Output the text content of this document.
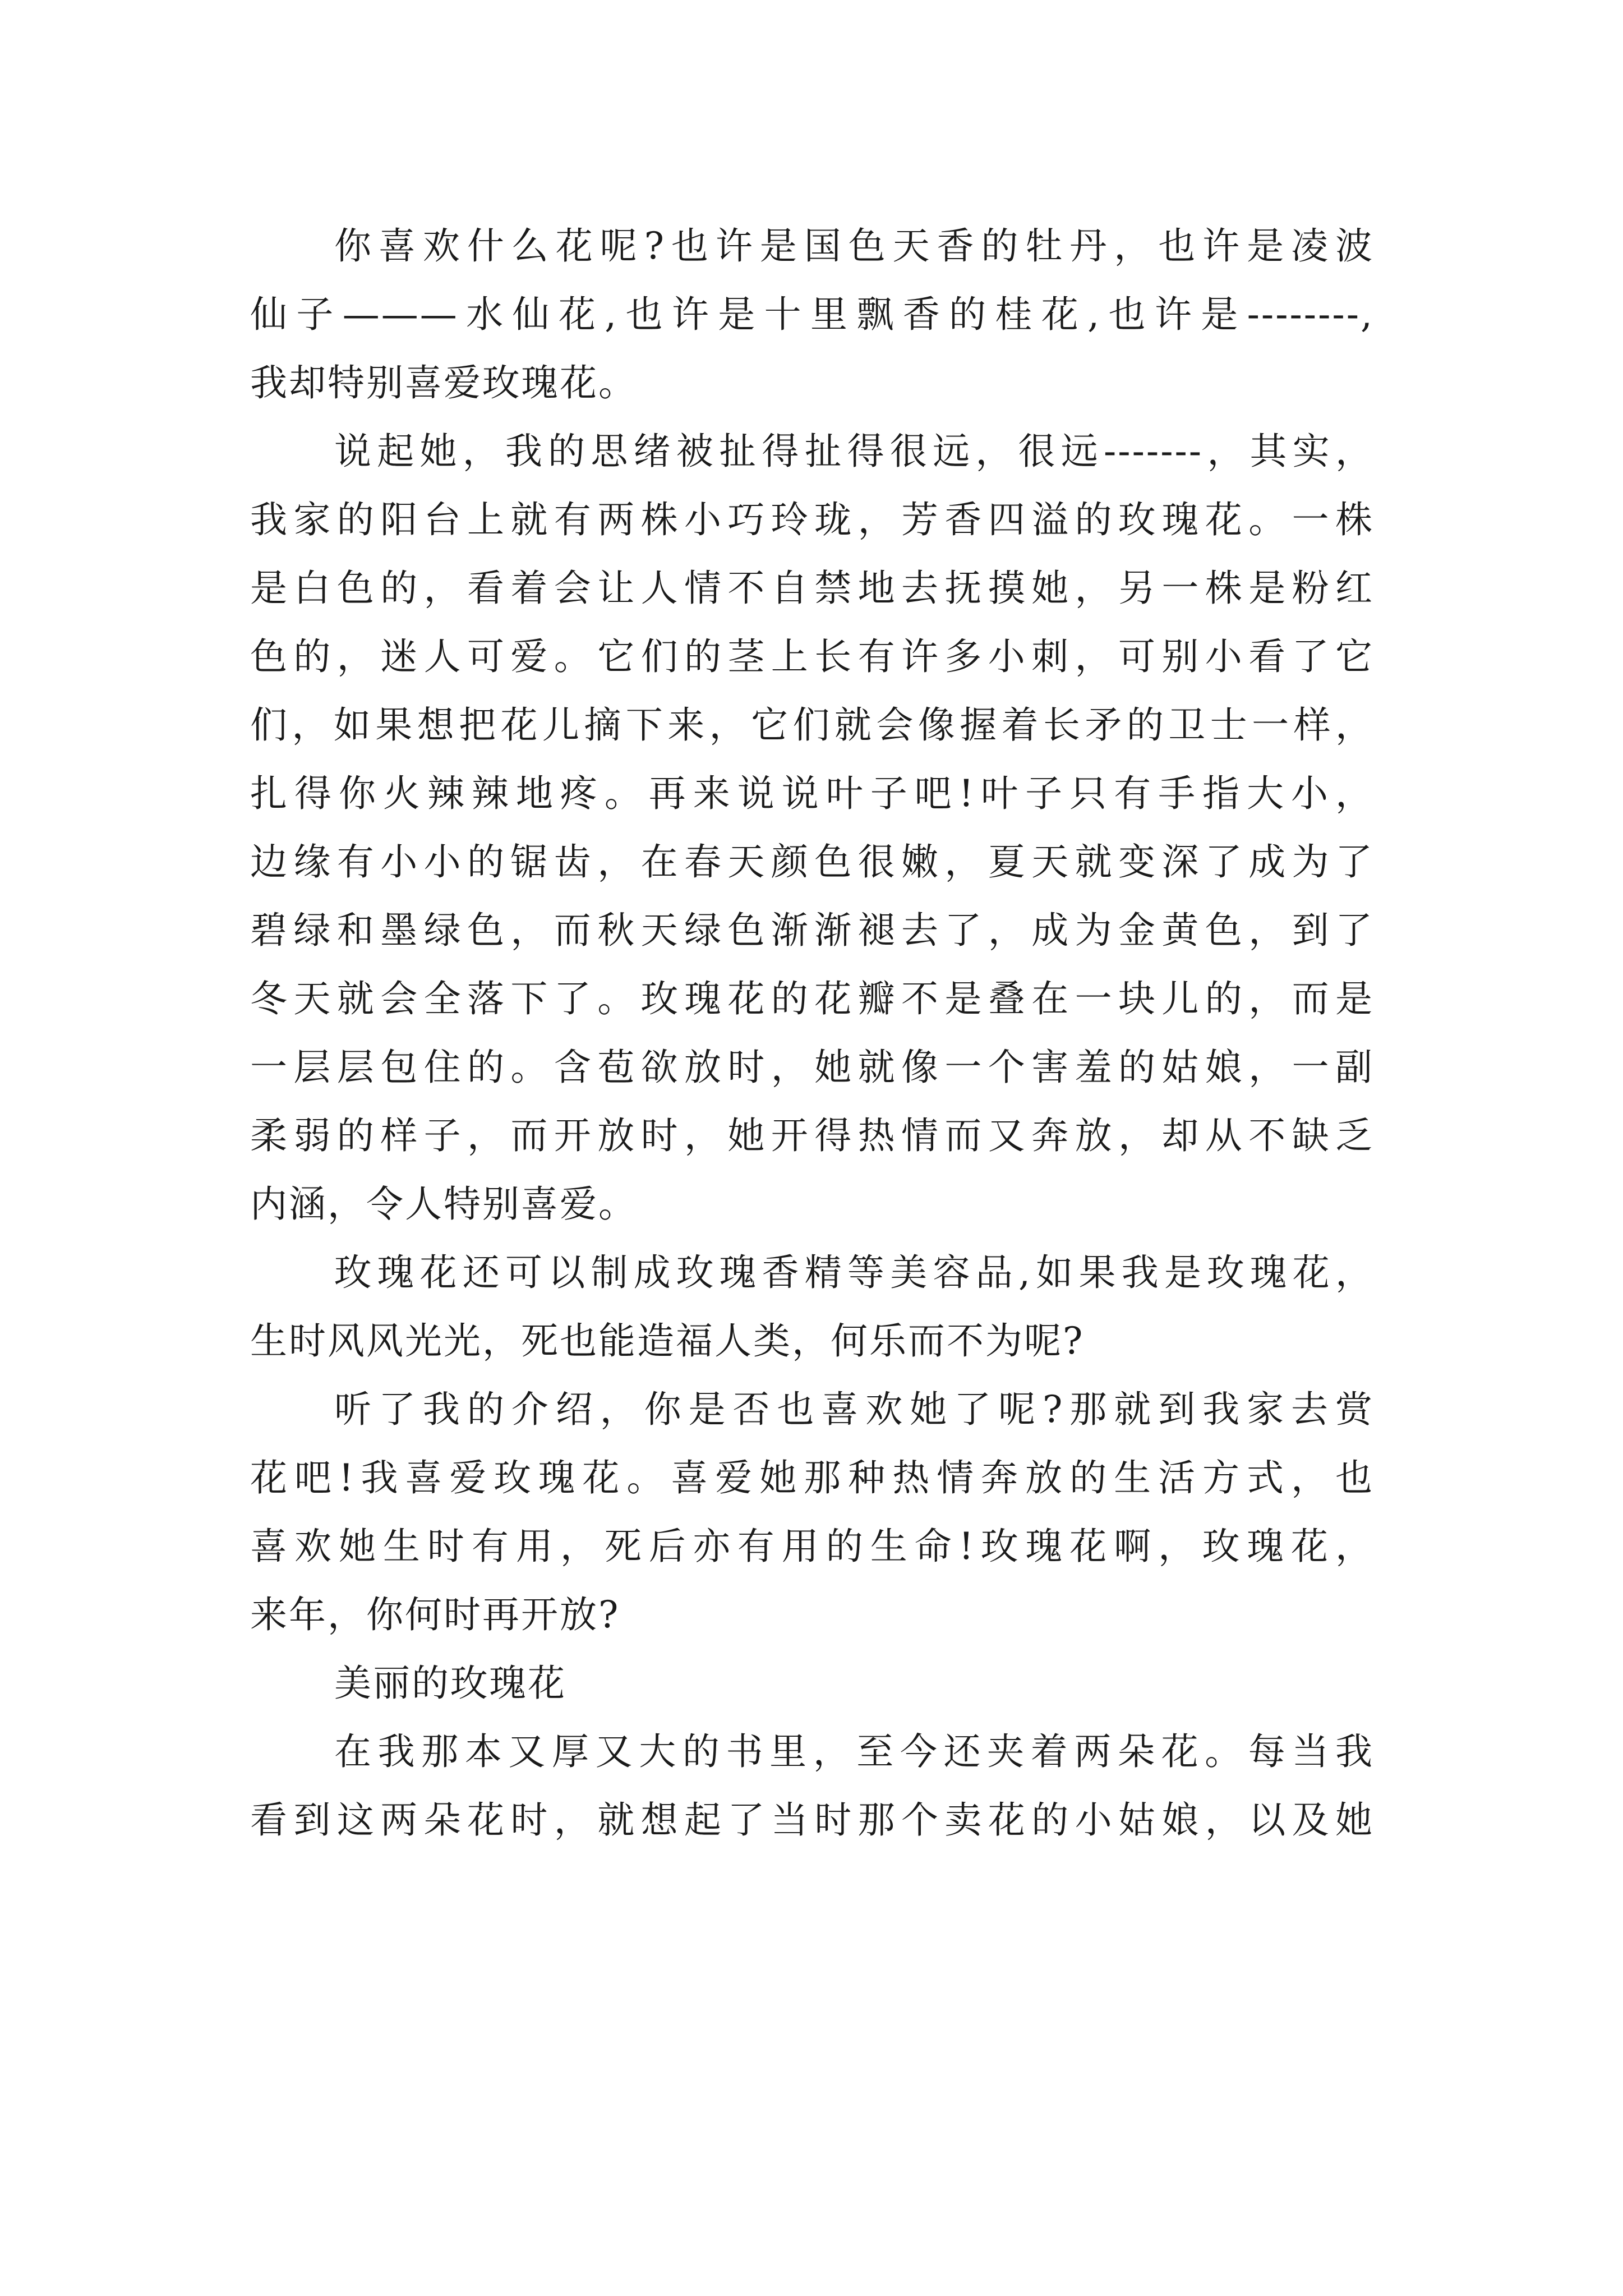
你喜欢什么花呢?也许是国色天香的牡丹，也许是凌波
仙子———水仙花,也许是十里飘香的桂花,也许是--------,
我却特别喜爱玫瑰花。
说起她，我的思绪被扯得扯得很远，很远-------，其实，
我家的阳台上就有两株小巧玲珑，芳香四溢的玫瑰花。一株
是白色的，看着会让人情不自禁地去抚摸她，另一株是粉红
色的，迷人可爱。它们的茎上长有许多小刺，可别小看了它
们，如果想把花儿摘下来，它们就会像握着长矛的卫士一样，
扎得你火辣辣地疼。再来说说叶子吧!叶子只有手指大小，
边缘有小小的锯齿，在春天颜色很嫩，夏天就变深了成为了
碧绿和墨绿色，而秋天绿色渐渐褪去了，成为金黄色，到了
冬天就会全落下了。玫瑰花的花瓣不是叠在一块儿的，而是
一层层包住的。含苞欲放时，她就像一个害羞的姑娘，一副
柔弱的样子，而开放时，她开得热情而又奔放，却从不缺乏
内涵，令人特别喜爱。
玫瑰花还可以制成玫瑰香精等美容品,如果我是玫瑰花，
生时风风光光，死也能造福人类，何乐而不为呢?
听了我的介绍，你是否也喜欢她了呢?那就到我家去赏
花吧!我喜爱玫瑰花。喜爱她那种热情奔放的生活方式，也
喜欢她生时有用，死后亦有用的生命!玫瑰花啊，玫瑰花，
来年，你何时再开放?
美丽的玫瑰花
在我那本又厚又大的书里，至今还夹着两朵花。每当我
看到这两朵花时，就想起了当时那个卖花的小姑娘，以及她
